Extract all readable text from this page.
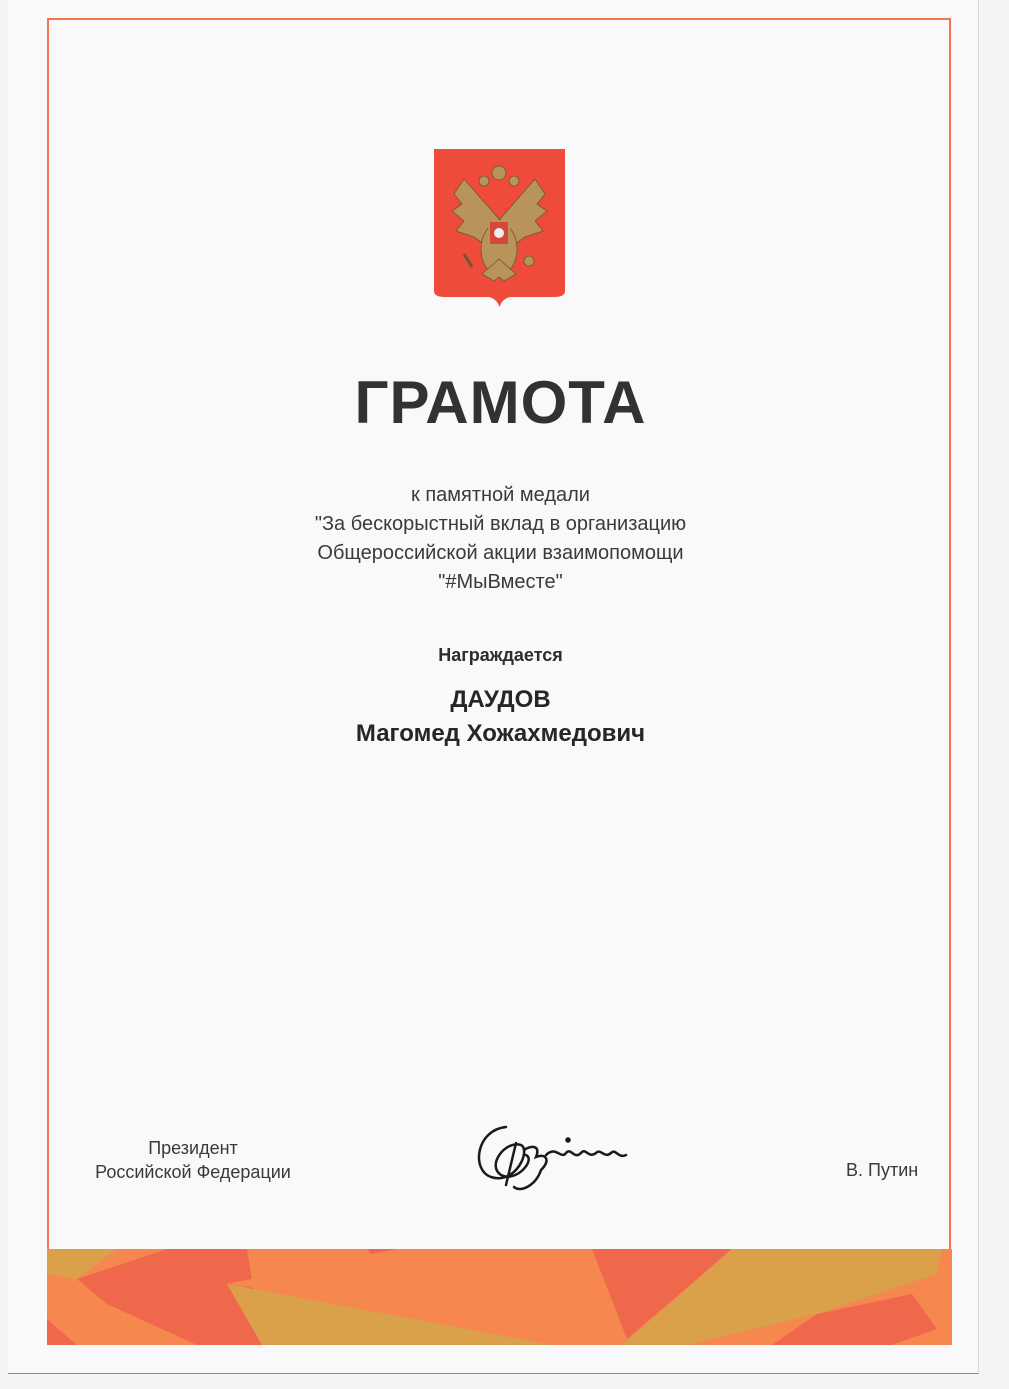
ГРАМОТА
к памятной медали
"За бескорыстный вклад в организацию
Общероссийской акции взаимопомощи
"#МыВместе"
Награждается
ДАУДОВ
Магомед Хожахмедович
Президент
Российской Федерации	В. Путин
